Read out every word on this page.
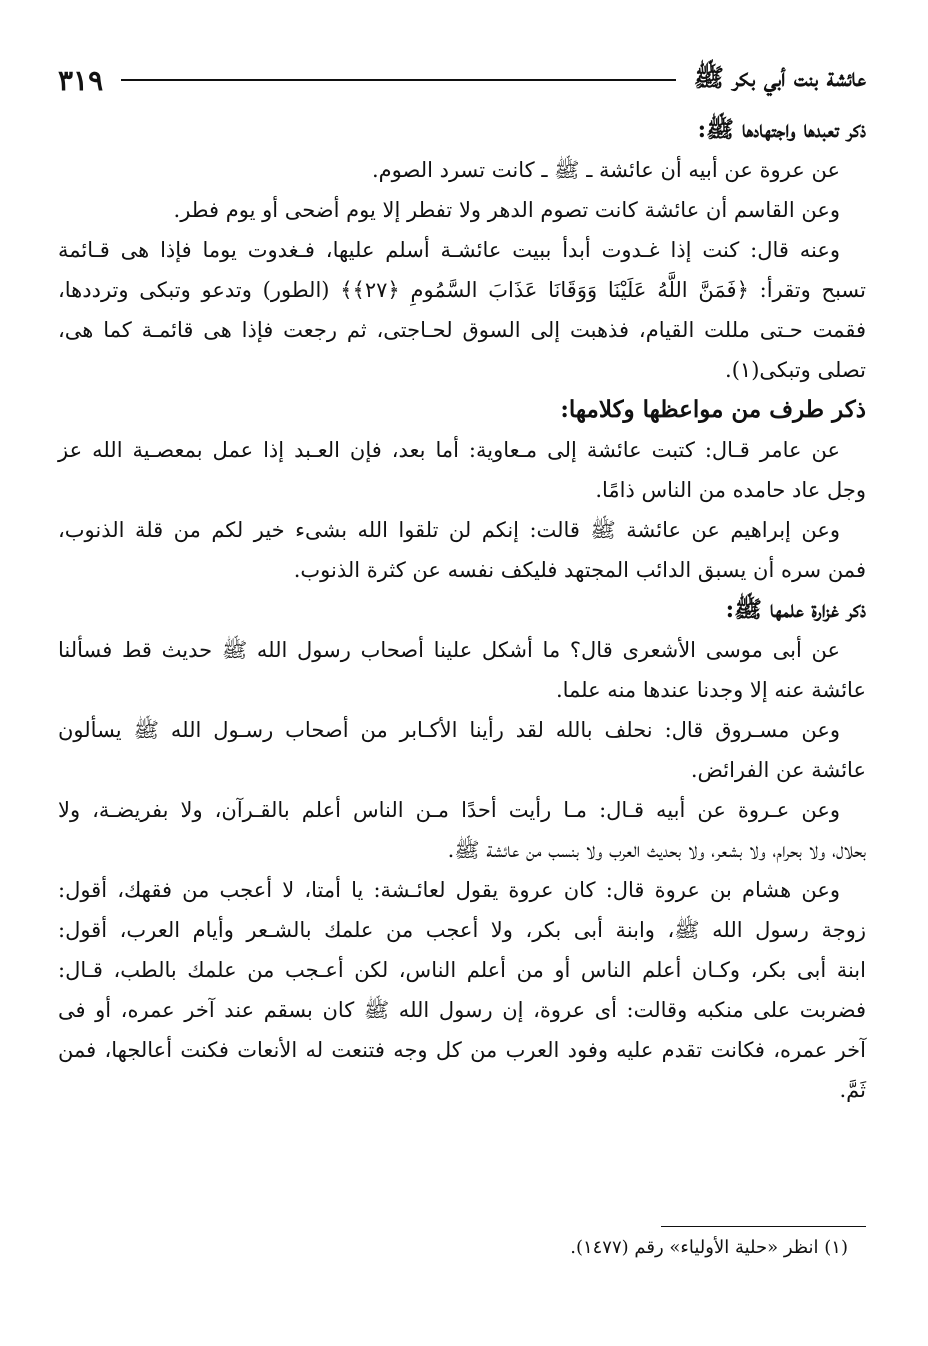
عائشة بنت أبي بكر ﷺ
٣١٩
ذكر تعبدها واجتهادها ﷺ:
عن عروة عن أبيه أن عائشة ـ ﷺ ـ كانت تسرد الصوم.
وعن القاسم أن عائشة كانت تصوم الدهر ولا تفطر إلا يوم أضحى أو يوم فطر.
وعنه قال: كنت إذا غـدوت أبدأ ببيت عائشـة أسلم عليها، فـغدوت يوما فإذا هى قـائمة
تسبح وتقرأ: ﴿فَمَنَّ اللَّهُ عَلَيْنَا وَوَقَانَا عَذَابَ السَّمُومِ ﴿٢٧﴾﴾ (الطور) وتدعو وتبكى وترددها،
فقمت حـتى مللت القيام، فذهبت إلى السوق لحـاجتى، ثم رجعت فإذا هى قائمـة كما هى،
تصلى وتبكى(١).
ذكر طرف من مواعظها وكلامها:
عن عامر قـال: كتبت عائشة إلى مـعاوية: أما بعد، فإن العـبد إذا عمل بمعصـية الله عز
وجل عاد حامده من الناس ذامًا.
وعن إبراهيم عن عائشة ﷺ قالت: إنكم لن تلقوا الله بشىء خير لكم من قلة الذنوب،
فمن سره أن يسبق الدائب المجتهد فليكف نفسه عن كثرة الذنوب.
ذكر غزارة علمها ﷺ:
عن أبى موسى الأشعرى قال؟ ما أشكل علينا أصحاب رسول الله ﷺ حديث قط فسألنا
عائشة عنه إلا وجدنا عندها منه علما.
وعن مسـروق قال: نحلف بالله لقد رأينا الأكـابر من أصحاب رسـول الله ﷺ يسألون
عائشة عن الفرائض.
وعن عـروة عن أبيه قـال: مـا رأيت أحدًا مـن الناس أعلم بالقـرآن، ولا بفريضـة، ولا
بحلال، ولا بحرام، ولا بشعر، ولا بحديث العرب ولا بنسب من عائشة ﷺ.
وعن هشام بن عروة قال: كان عروة يقول لعائـشة: يا أمتا، لا أعجب من فقهك، أقول:
زوجة رسول الله ﷺ، وابنة أبى بكر، ولا أعجب من علمك بالشـعر وأيام العرب، أقول:
ابنة أبى بكر، وكـان أعلم الناس أو من أعلم الناس، لكن أعـجب من علمك بالطب، قـال:
فضربت على منكبه وقالت: أى عروة، إن رسول الله ﷺ كان بسقم عند آخر عمره، أو فى
آخر عمره، فكانت تقدم عليه وفود العرب من كل وجه فتنعت له الأنعات فكنت أعالجها، فمن
ثَمَّ.
(١) انظر «حلية الأولياء» رقم (١٤٧٧).
